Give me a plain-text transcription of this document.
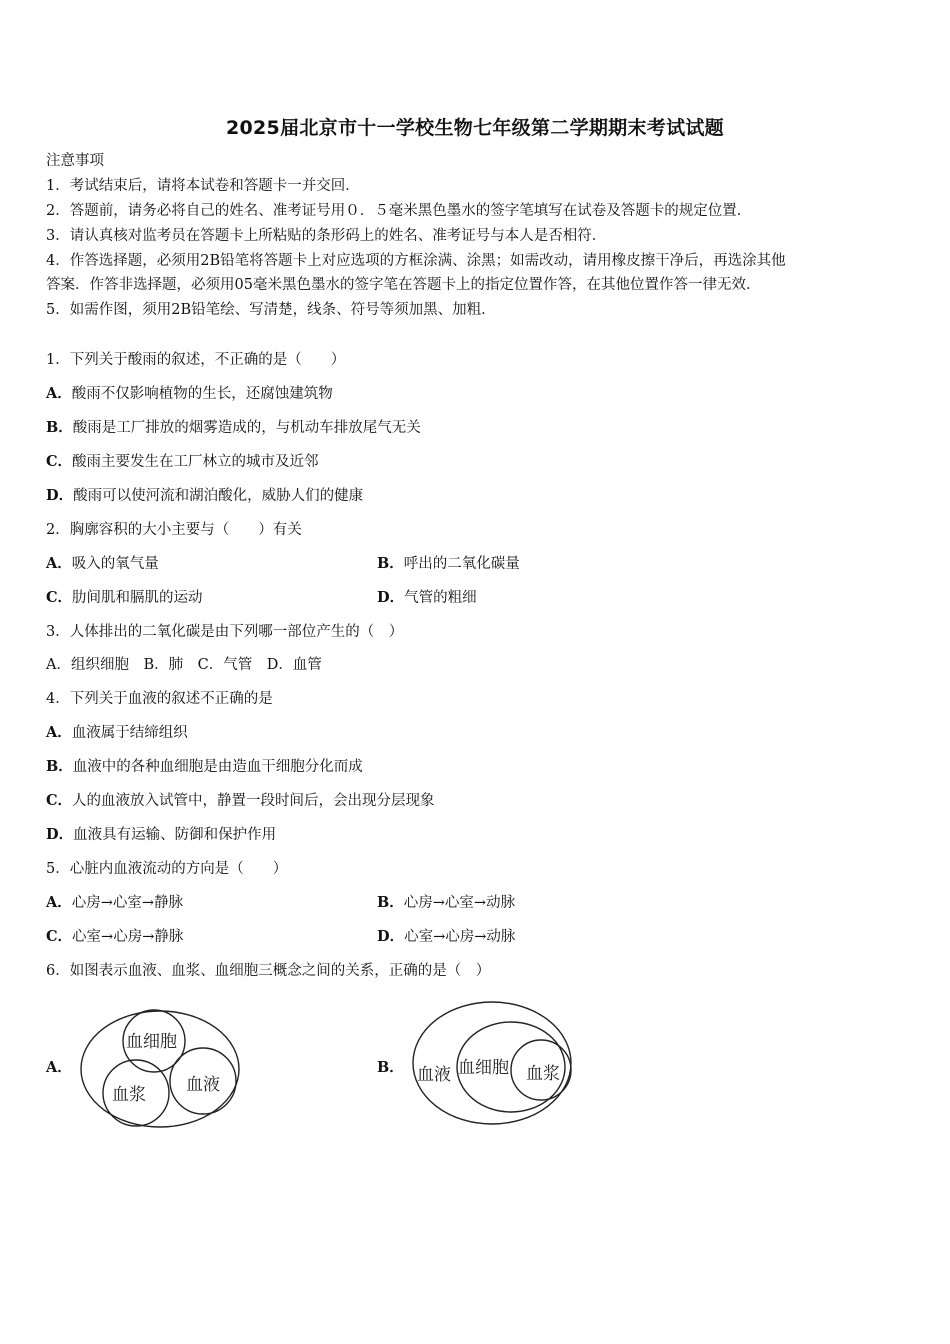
2025届北京市十一学校生物七年级第二学期期末考试试题
注意事项
1．考试结束后，请将本试卷和答题卡一并交回．
2．答题前，请务必将自己的姓名、准考证号用０．５毫米黑色墨水的签字笔填写在试卷及答题卡的规定位置．
3．请认真核对监考员在答题卡上所粘贴的条形码上的姓名、准考证号与本人是否相符．
4．作答选择题，必须用2B铅笔将答题卡上对应选项的方框涂满、涂黑；如需改动，请用橡皮擦干净后，再选涂其他
答案．作答非选择题，必须用05毫米黑色墨水的签字笔在答题卡上的指定位置作答，在其他位置作答一律无效．
5．如需作图，须用2B铅笔绘、写清楚，线条、符号等须加黑、加粗．
1．下列关于酸雨的叙述，不正确的是（　　）
A．酸雨不仅影响植物的生长，还腐蚀建筑物
B．酸雨是工厂排放的烟雾造成的，与机动车排放尾气无关
C．酸雨主要发生在工厂林立的城市及近邻
D．酸雨可以使河流和湖泊酸化，威胁人们的健康
2．胸廓容积的大小主要与（　　）有关
A．吸入的氧气量	B．呼出的二氧化碳量
C．肋间肌和膈肌的运动	D．气管的粗细
3．人体排出的二氧化碳是由下列哪一部位产生的（　）
A．组织细胞　B．肺　C．气管　D．血管
4．下列关于血液的叙述不正确的是
A．血液属于结缔组织
B．血液中的各种血细胞是由造血干细胞分化而成
C．人的血液放入试管中，静置一段时间后，会出现分层现象
D．血液具有运输、防御和保护作用
5．心脏内血液流动的方向是（　　）
A．心房→心室→静脉	B．心房→心室→动脉
C．心室→心房→静脉	D．心室→心房→动脉
6．如图表示血液、血浆、血细胞三概念之间的关系，正确的是（　）
A．	B．
血细胞
血浆 血液	血液 血细胞 血浆
